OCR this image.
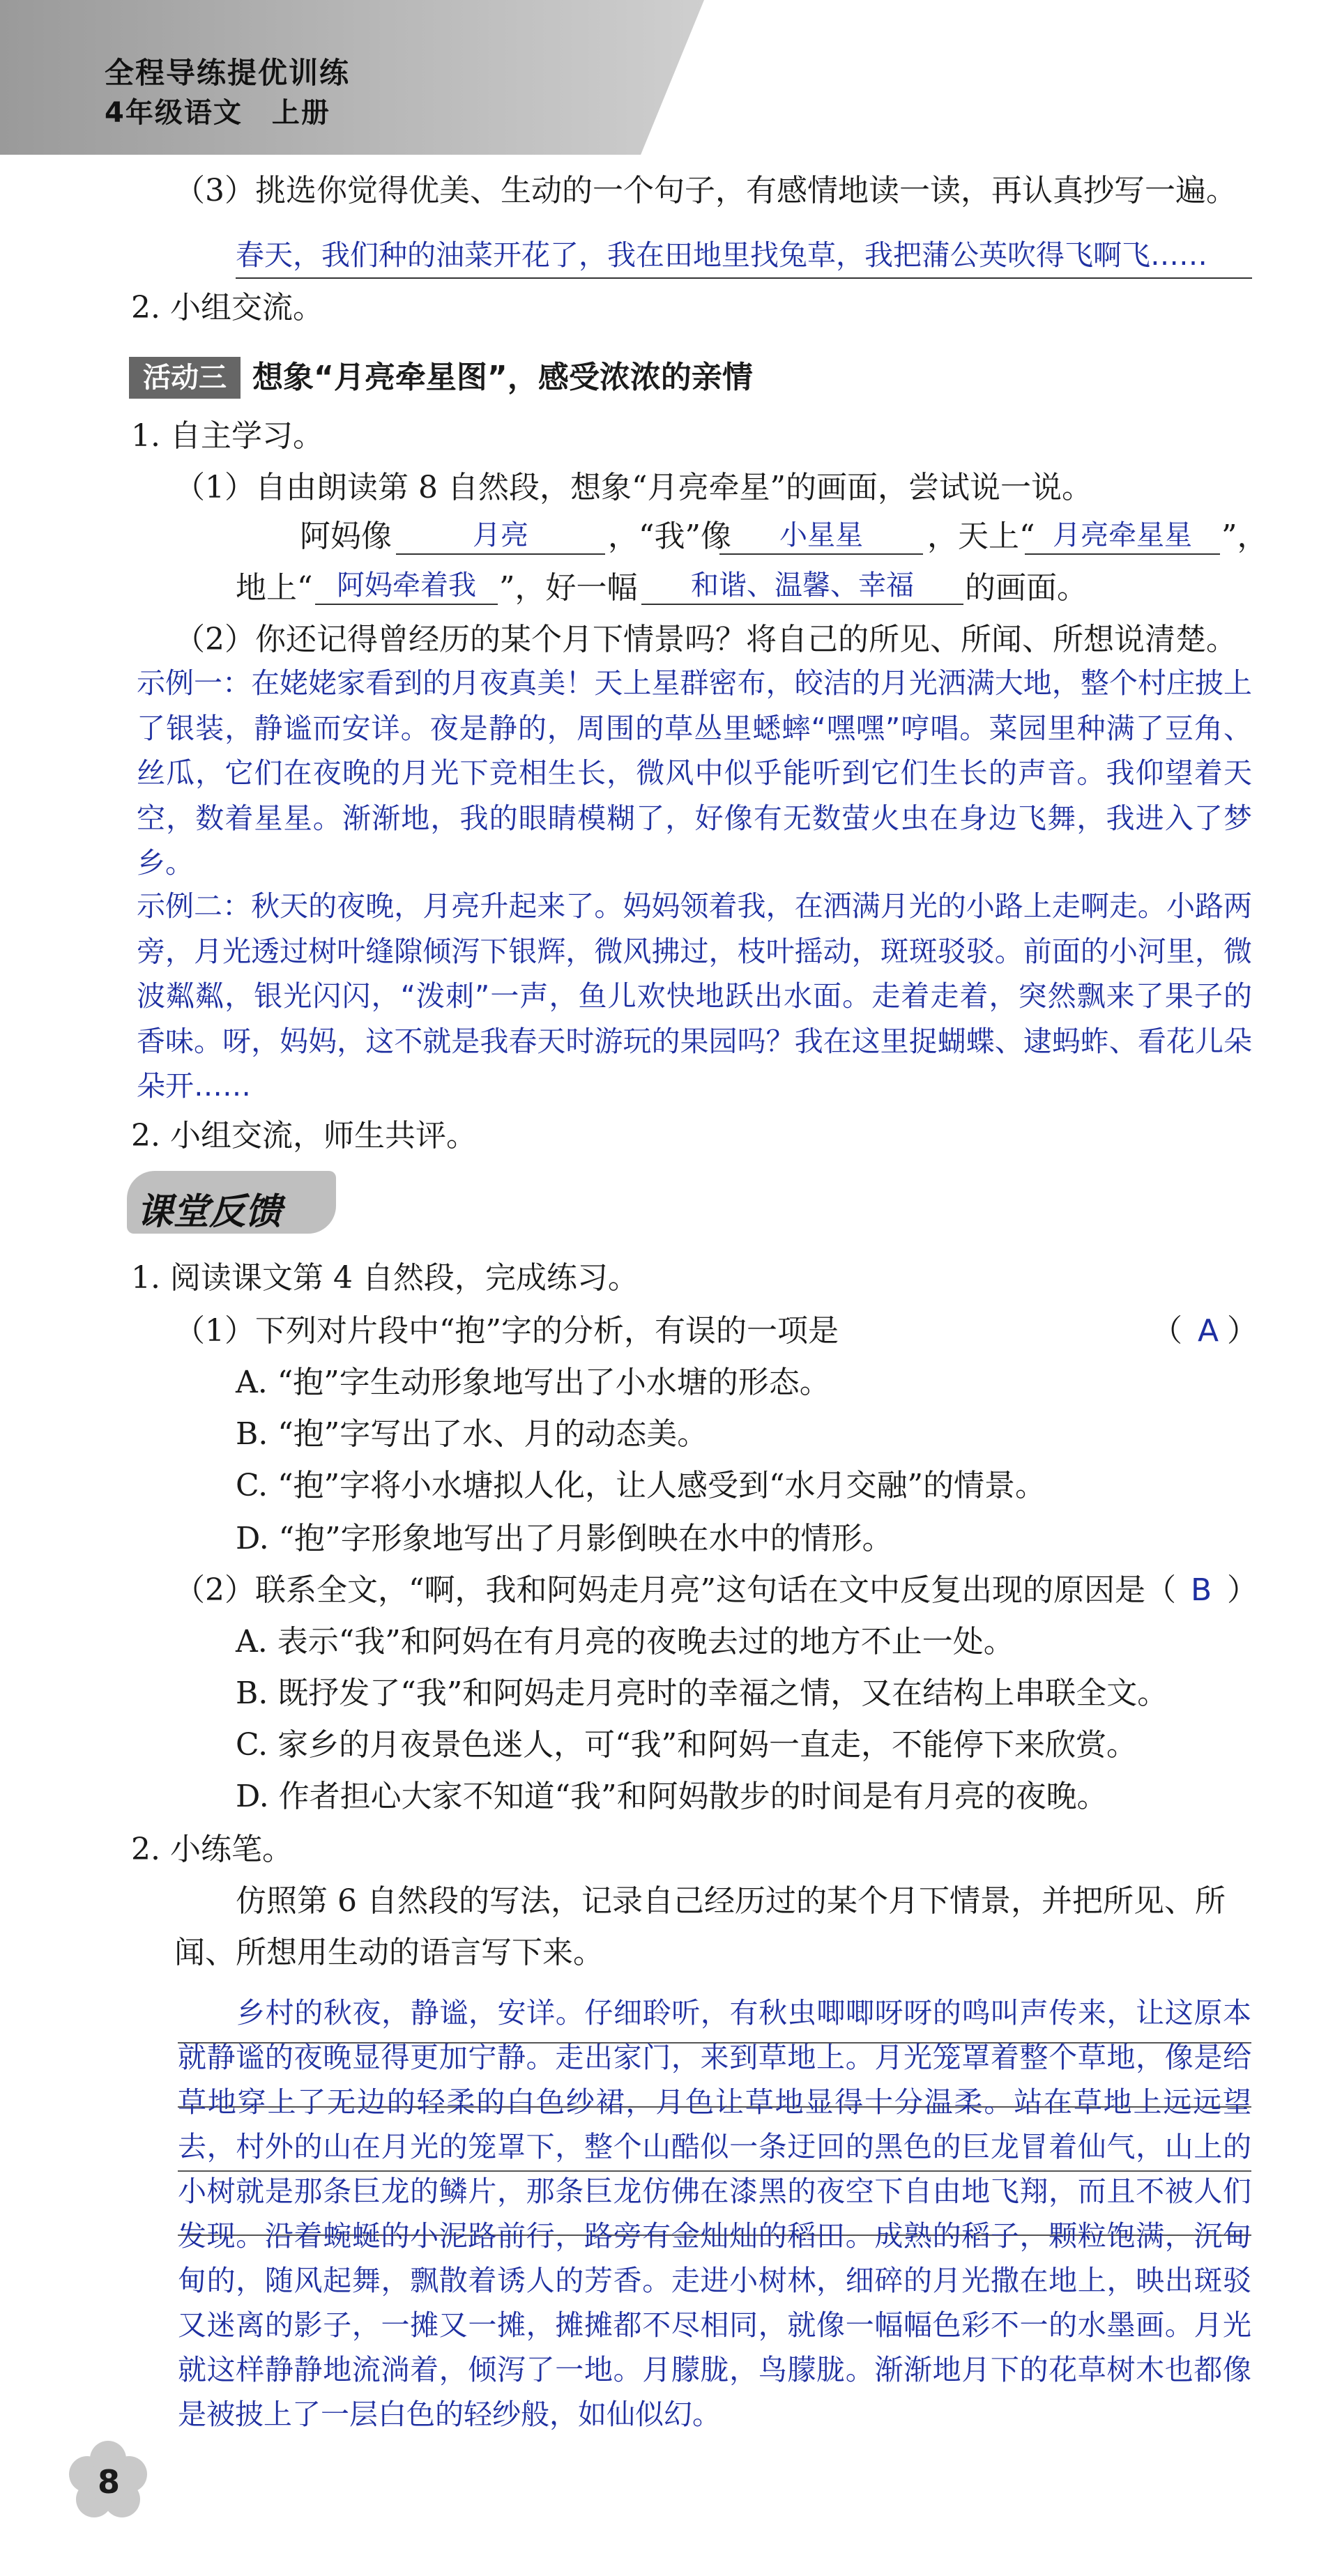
全程导练提优训练
4年级语文　上册
（3）挑选你觉得优美、生动的一个句子，有感情地读一读，再认真抄写一遍。
春天，我们种的油菜开花了，我在田地里找兔草，我把蒲公英吹得飞啊飞……
2. 小组交流。
活动三 想象“月亮牵星图”，感受浓浓的亲情
1. 自主学习。
（1）自由朗读第 8 自然段，想象“月亮牵星”的画面，尝试说一说。
阿妈像	月亮	，“我”像	小星星	，天上“ 月亮牵星星 ”，
地上“ 阿妈牵着我 ”，好一幅	和谐、温馨、幸福	的画面。
（2）你还记得曾经历的某个月下情景吗？将自己的所见、所闻、所想说清楚。
示例一：在姥姥家看到的月夜真美！天上星群密布，皎洁的月光洒满大地，整个村庄披上了银装，静谧而安详。夜是静的，周围的草丛里蟋蟀“嘿嘿”哼唱。菜园里种满了豆角、丝瓜，它们在夜晚的月光下竞相生长，微风中似乎能听到它们生长的声音。我仰望着天空，数着星星。渐渐地，我的眼睛模糊了，好像有无数萤火虫在身边飞舞，我进入了梦乡。
示例二：秋天的夜晚，月亮升起来了。妈妈领着我，在洒满月光的小路上走啊走。小路两旁，月光透过树叶缝隙倾泻下银辉，微风拂过，枝叶摇动，斑斑驳驳。前面的小河里，微波粼粼，银光闪闪，“泼刺”一声，鱼儿欢快地跃出水面。走着走着，突然飘来了果子的香味。呀，妈妈，这不就是我春天时游玩的果园吗？我在这里捉蝴蝶、逮蚂蚱、看花儿朵朵开……
2. 小组交流，师生共评。
课堂反馈
1. 阅读课文第 4 自然段，完成练习。
（1）下列对片段中“抱”字的分析，有误的一项是	（ A ）
A. “抱”字生动形象地写出了小水塘的形态。
B. “抱”字写出了水、月的动态美。
C. “抱”字将小水塘拟人化，让人感受到“水月交融”的情景。
D. “抱”字形象地写出了月影倒映在水中的情形。
（2）联系全文，“啊，我和阿妈走月亮”这句话在文中反复出现的原因是（ B ）
A. 表示“我”和阿妈在有月亮的夜晚去过的地方不止一处。
B. 既抒发了“我”和阿妈走月亮时的幸福之情，又在结构上串联全文。
C. 家乡的月夜景色迷人，可“我”和阿妈一直走，不能停下来欣赏。
D. 作者担心大家不知道“我”和阿妈散步的时间是有月亮的夜晚。
2. 小练笔。
仿照第 6 自然段的写法，记录自己经历过的某个月下情景，并把所见、所
闻、所想用生动的语言写下来。
乡村的秋夜，静谧，安详。仔细聆听，有秋虫唧唧呀呀的鸣叫声传来，让这原本就静谧的夜晚显得更加宁静。走出家门，来到草地上。月光笼罩着整个草地，像是给草地穿上了无边的轻柔的白色纱裙，月色让草地显得十分温柔。站在草地上远远望去，村外的山在月光的笼罩下，整个山酷似一条迂回的黑色的巨龙冒着仙气，山上的小树就是那条巨龙的鳞片，那条巨龙仿佛在漆黑的夜空下自由地飞翔，而且不被人们发现。沿着蜿蜒的小泥路前行，路旁有金灿灿的稻田。成熟的稻子，颗粒饱满，沉甸甸的，随风起舞，飘散着诱人的芳香。走进小树林，细碎的月光撒在地上，映出斑驳又迷离的影子，一摊又一摊，摊摊都不尽相同，就像一幅幅色彩不一的水墨画。月光就这样静静地流淌着，倾泻了一地。月朦胧，鸟朦胧。渐渐地月下的花草树木也都像是被披上了一层白色的轻纱般，如仙似幻。
8
